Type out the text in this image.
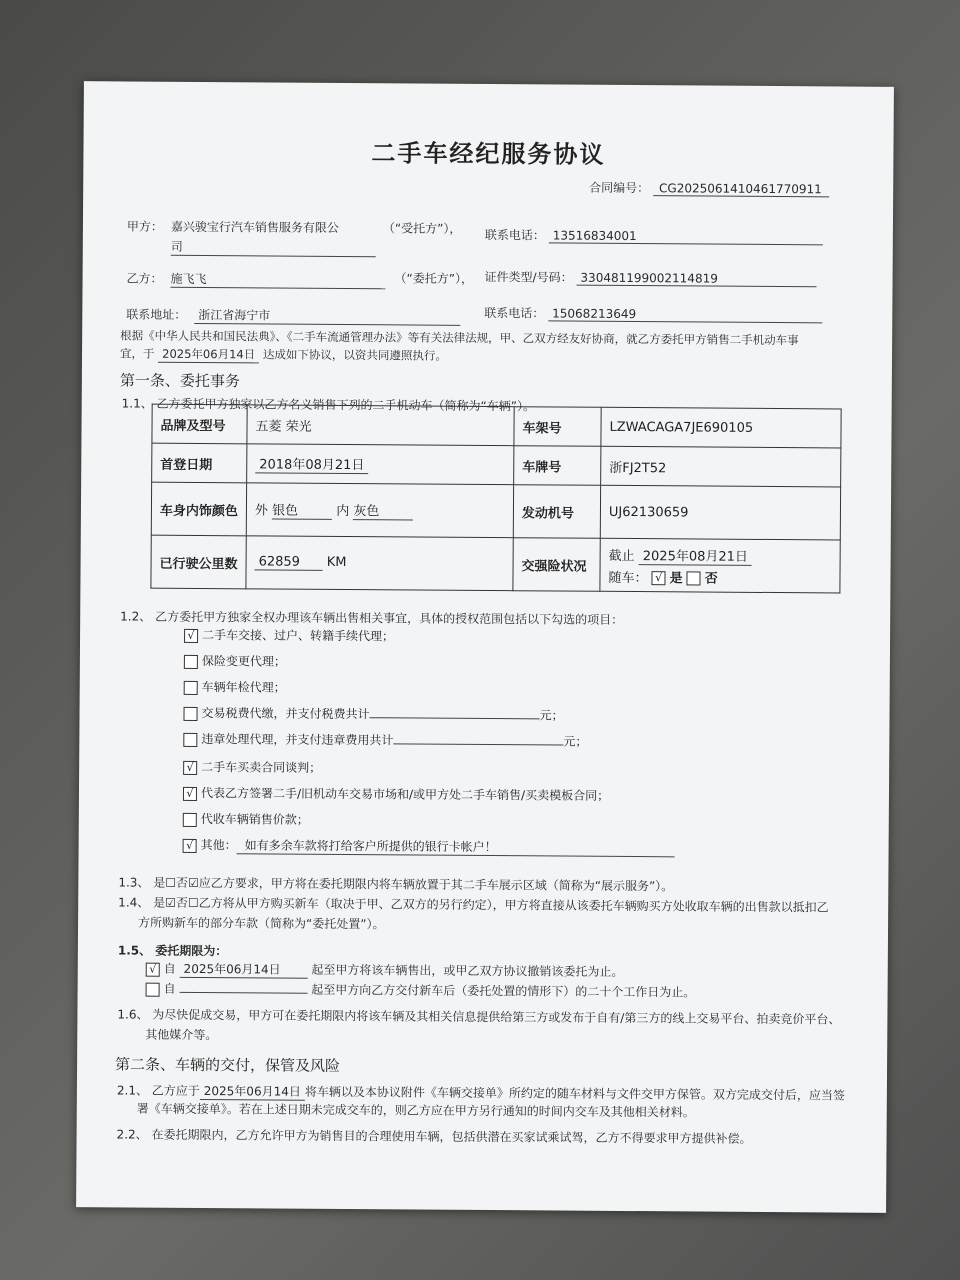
二手车经纪服务协议
合同编号： CG2025061410461770911
甲方： 嘉兴骏宝行汽车销售服务有限公
司
（“受托方”）， 联系电话： 13516834001
乙方： 施飞飞	（“委托方”）， 证件类型/号码： 330481199002114819
联系地址： 浙江省海宁市	联系电话： 15068213649
根据《中华人民共和国民法典》、《二手车流通管理办法》等有关法律法规，甲、乙双方经友好协商，就乙方委托甲方销售二手机动车事
宜，于 2025年06月14日 达成如下协议，以资共同遵照执行。
第一条、委托事务
1.1、 乙方委托甲方独家以乙方名义销售下列的二手机动车（简称为“车辆”）。
品牌及型号	五菱 荣光	车架号	LZWACAGA7JE690105
首登日期	2018年08月21日	车牌号	浙FJ2T52
车身内饰颜色	外 银色 内 灰色	发动机号	UJ62130659
已行驶公里数	62859 KM	交强险状况	截止 2025年08月21日
随车： √ 是 否
1.2、 乙方委托甲方独家全权办理该车辆出售相关事宜，具体的授权范围包括以下勾选的项目：
√ 二手车交接、过户、转籍手续代理；
保险变更代理；
车辆年检代理；
交易税费代缴，并支付税费共计	元；
违章处理代理，并支付违章费用共计	元；
√ 二手车买卖合同谈判；
√ 代表乙方签署二手/旧机动车交易市场和/或甲方处二手车销售/买卖模板合同；
代收车辆销售价款；
√ 其他： 如有多余车款将打给客户所提供的银行卡帐户！
1.3、 是☐否☑应乙方要求，甲方将在委托期限内将车辆放置于其二手车展示区域（简称为“展示服务”）。
1.4、 是☑否☐乙方将从甲方购买新车（取决于甲、乙双方的另行约定），甲方将直接从该委托车辆购买方处收取车辆的出售款以抵扣乙
方所购新车的部分车款（简称为“委托处置”）。
1.5、 委托期限为：
√ 自 2025年06月14日	起至甲方将该车辆售出，或甲乙双方协议撤销该委托为止。
自	起至甲方向乙方交付新车后（委托处置的情形下）的二十个工作日为止。
1.6、 为尽快促成交易，甲方可在委托期限内将该车辆及其相关信息提供给第三方或发布于自有/第三方的线上交易平台、拍卖竞价平台、
其他媒介等。
第二条、车辆的交付，保管及风险
2.1、 乙方应于 2025年06月14日 将车辆以及本协议附件《车辆交接单》所约定的随车材料与文件交甲方保管。双方完成交付后，应当签
署《车辆交接单》。若在上述日期未完成交车的，则乙方应在甲方另行通知的时间内交车及其他相关材料。
2.2、 在委托期限内，乙方允许甲方为销售目的合理使用车辆，包括供潜在买家试乘试驾，乙方不得要求甲方提供补偿。
